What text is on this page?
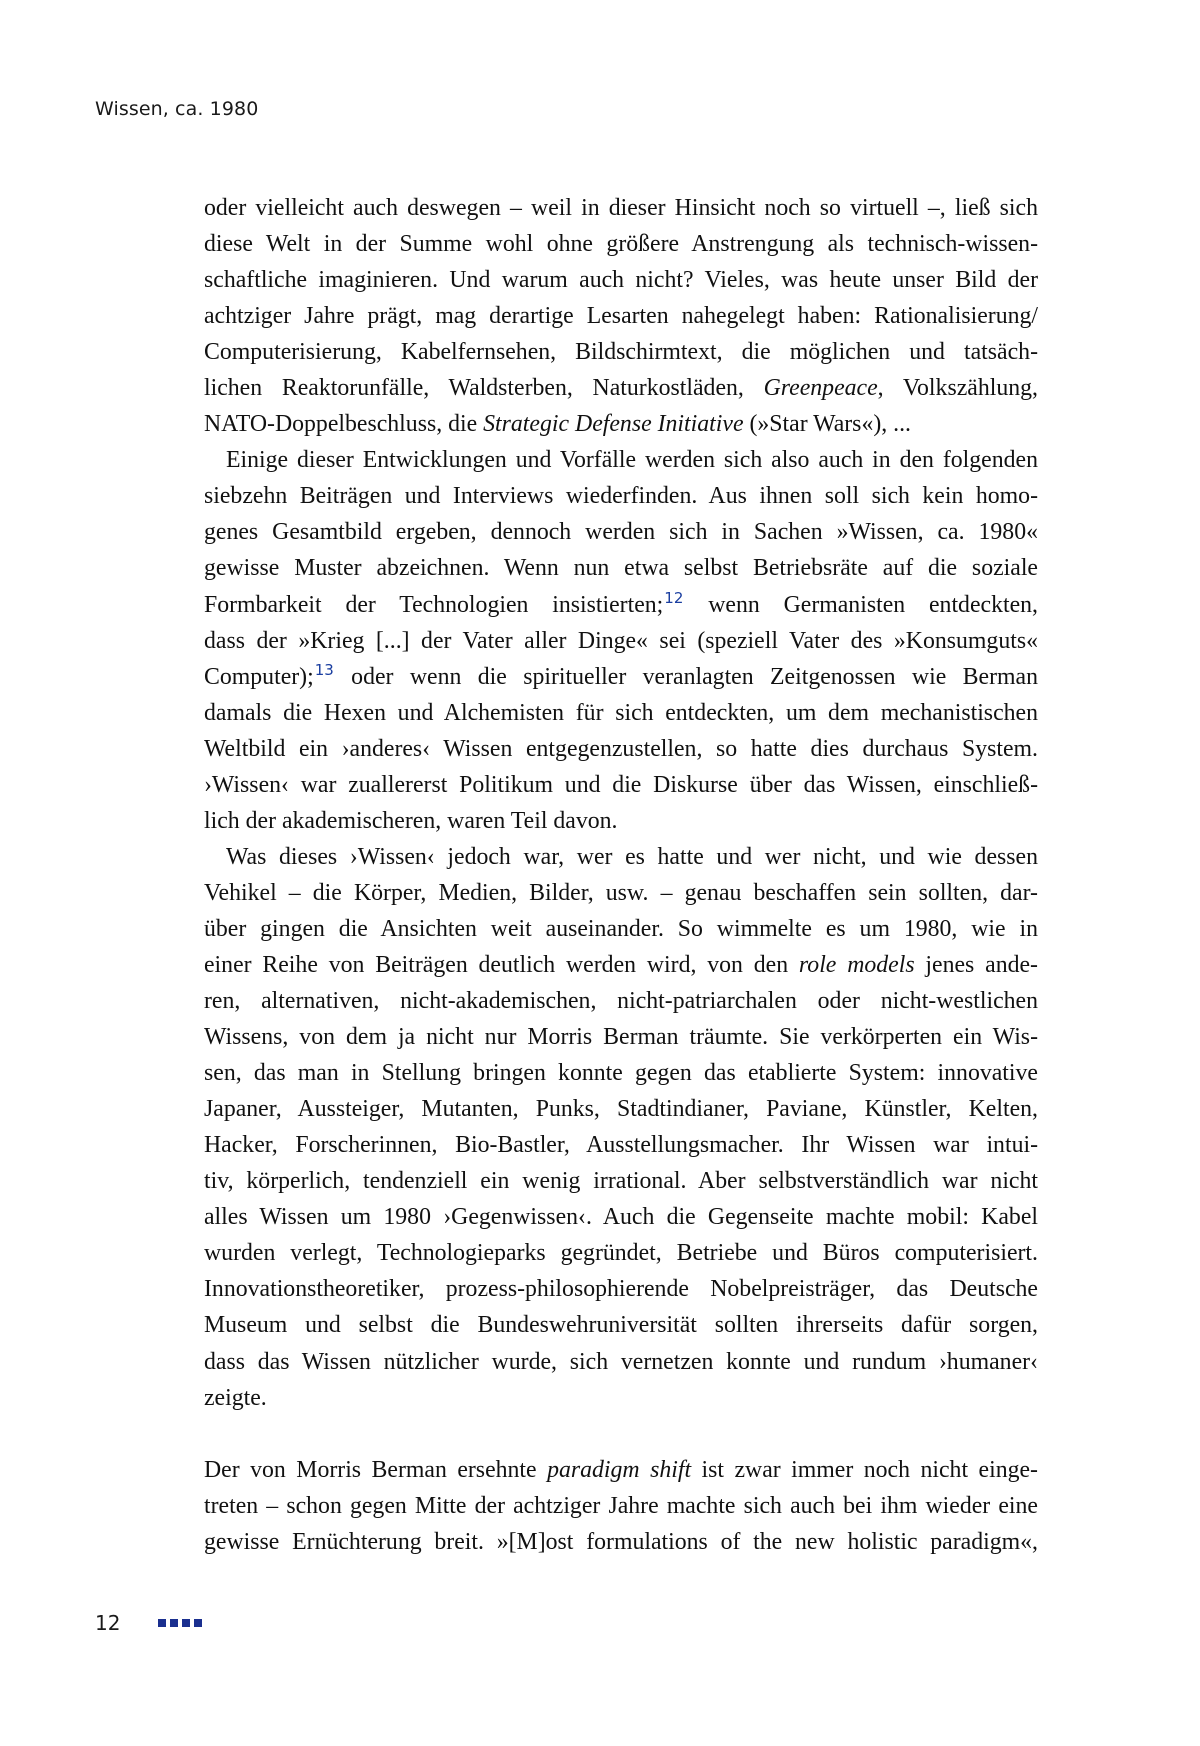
Wissen, ca. 1980
oder vielleicht auch deswegen – weil in dieser Hinsicht noch so virtuell –, ließ sich
diese Welt in der Summe wohl ohne größere Anstrengung als technisch-wissen-
schaftliche imaginieren. Und warum auch nicht? Vieles, was heute unser Bild der
achtziger Jahre prägt, mag derartige Lesarten nahegelegt haben: Rationalisierung/
Computerisierung, Kabelfernsehen, Bildschirmtext, die möglichen und tatsäch-
lichen Reaktorunfälle, Waldsterben, Naturkostläden, Greenpeace, Volkszählung,
NATO-Doppelbeschluss, die Strategic Defense Initiative (»Star Wars«), ...
Einige dieser Entwicklungen und Vorfälle werden sich also auch in den folgenden
siebzehn Beiträgen und Interviews wiederfinden. Aus ihnen soll sich kein homo-
genes Gesamtbild ergeben, dennoch werden sich in Sachen »Wissen, ca. 1980«
gewisse Muster abzeichnen. Wenn nun etwa selbst Betriebsräte auf die soziale
Formbarkeit der Technologien insistierten;$^{12}$ wenn Germanisten entdeckten,
dass der »Krieg [...] der Vater aller Dinge« sei (speziell Vater des »Konsumguts«
Computer);$^{13}$ oder wenn die spiritueller veranlagten Zeitgenossen wie Berman
damals die Hexen und Alchemisten für sich entdeckten, um dem mechanistischen
Weltbild ein ›anderes‹ Wissen entgegenzustellen, so hatte dies durchaus System.
›Wissen‹ war zuallererst Politikum und die Diskurse über das Wissen, einschließ-
lich der akademischeren, waren Teil davon.
Was dieses ›Wissen‹ jedoch war, wer es hatte und wer nicht, und wie dessen
Vehikel – die Körper, Medien, Bilder, usw. – genau beschaffen sein sollten, dar-
über gingen die Ansichten weit auseinander. So wimmelte es um 1980, wie in
einer Reihe von Beiträgen deutlich werden wird, von den role models jenes ande-
ren, alternativen, nicht-akademischen, nicht-patriarchalen oder nicht-westlichen
Wissens, von dem ja nicht nur Morris Berman träumte. Sie verkörperten ein Wis-
sen, das man in Stellung bringen konnte gegen das etablierte System: innovative
Japaner, Aussteiger, Mutanten, Punks, Stadtindianer, Paviane, Künstler, Kelten,
Hacker, Forscherinnen, Bio-Bastler, Ausstellungsmacher. Ihr Wissen war intui-
tiv, körperlich, tendenziell ein wenig irrational. Aber selbstverständlich war nicht
alles Wissen um 1980 ›Gegenwissen‹. Auch die Gegenseite machte mobil: Kabel
wurden verlegt, Technologieparks gegründet, Betriebe und Büros computerisiert.
Innovationstheoretiker, prozess-philosophierende Nobelpreisträger, das Deutsche
Museum und selbst die Bundeswehruniversität sollten ihrerseits dafür sorgen,
dass das Wissen nützlicher wurde, sich vernetzen konnte und rundum ›humaner‹
zeigte.
Der von Morris Berman ersehnte paradigm shift ist zwar immer noch nicht einge-
treten – schon gegen Mitte der achtziger Jahre machte sich auch bei ihm wieder eine
gewisse Ernüchterung breit. »[M]ost formulations of the new holistic paradigm«,
12
